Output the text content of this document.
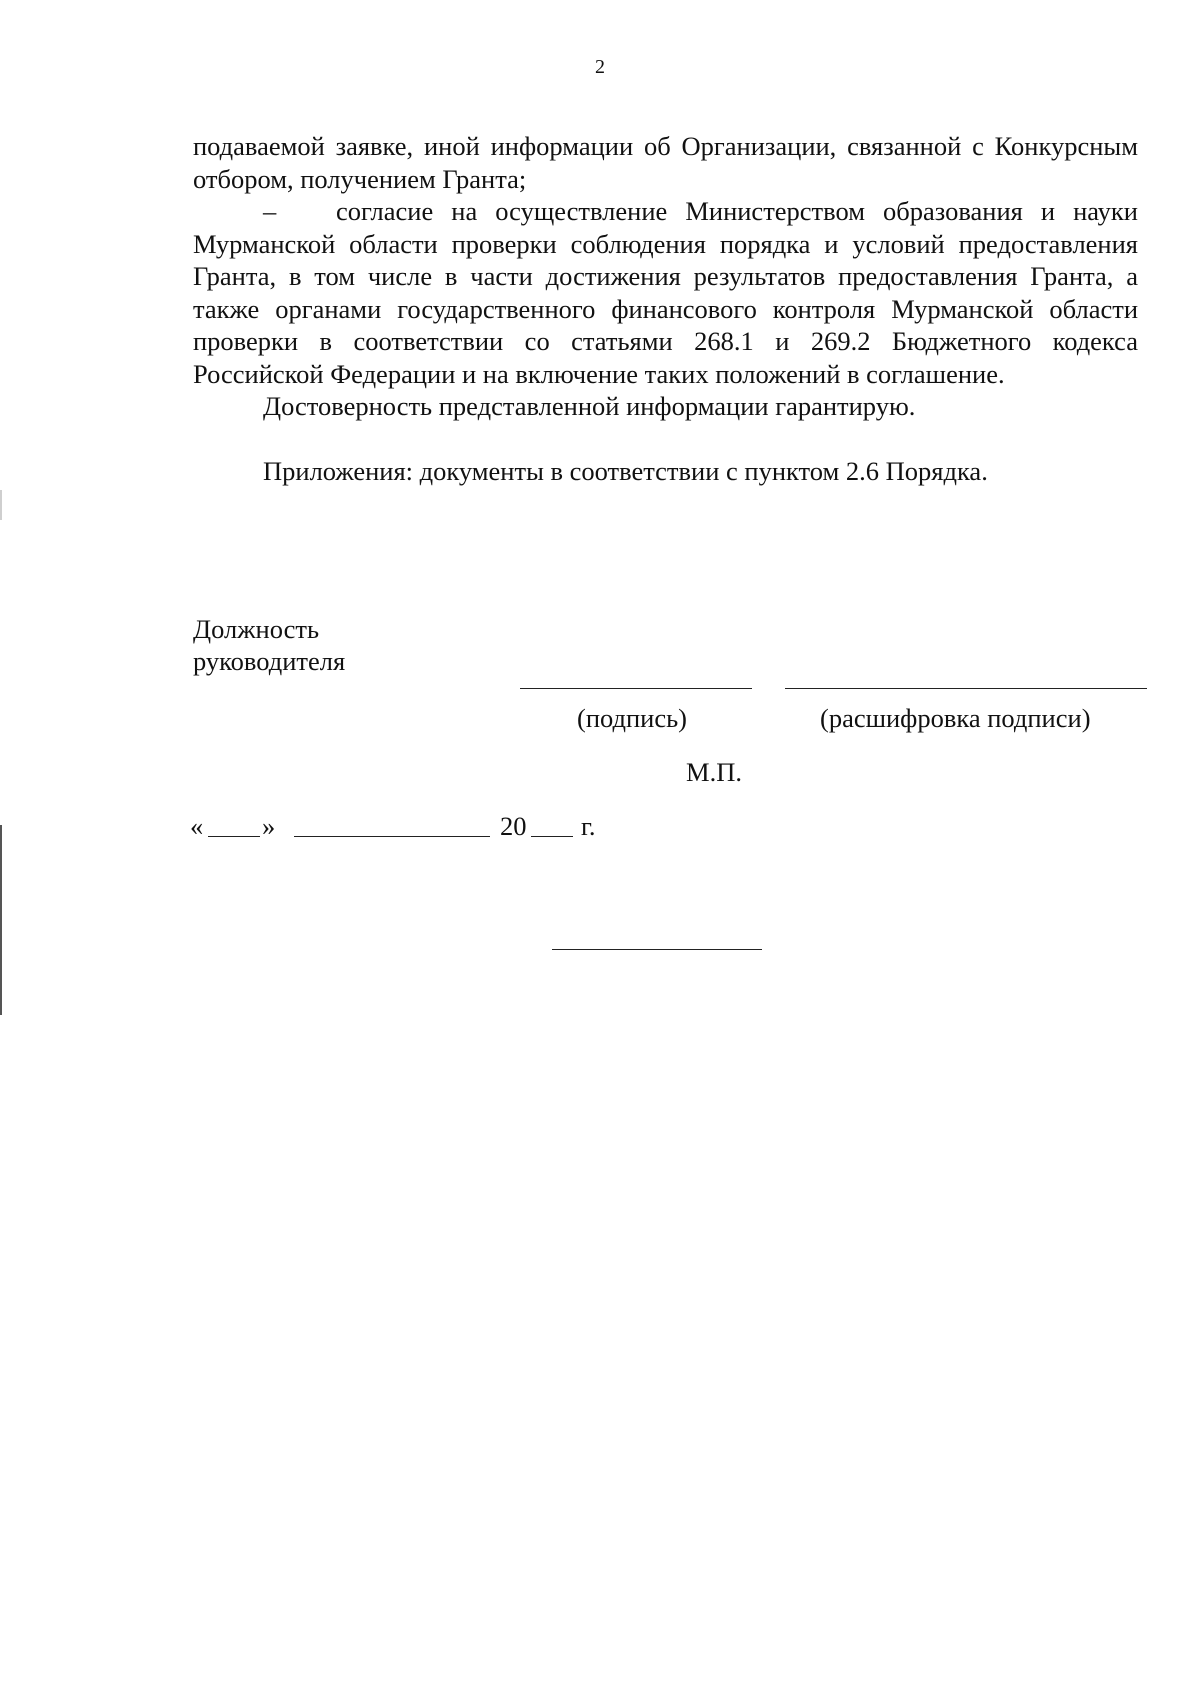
2

подаваемой заявке, иной информации об Организации, связанной с Конкурсным отбором, получением Гранта;

– согласие на осуществление Министерством образования и науки Мурманской области проверки соблюдения порядка и условий предоставления Гранта, в том числе в части достижения результатов предоставления Гранта, а также органами государственного финансового контроля Мурманской области проверки в соответствии со статьями 268.1 и 269.2 Бюджетного кодекса Российской Федерации и на включение таких положений в соглашение.

Достоверность представленной информации гарантирую.

Приложения: документы в соответствии с пунктом 2.6 Порядка.

Должность
руководителя
(подпись)	(расшифровка подписи)
М.П.
« »	20 г.
